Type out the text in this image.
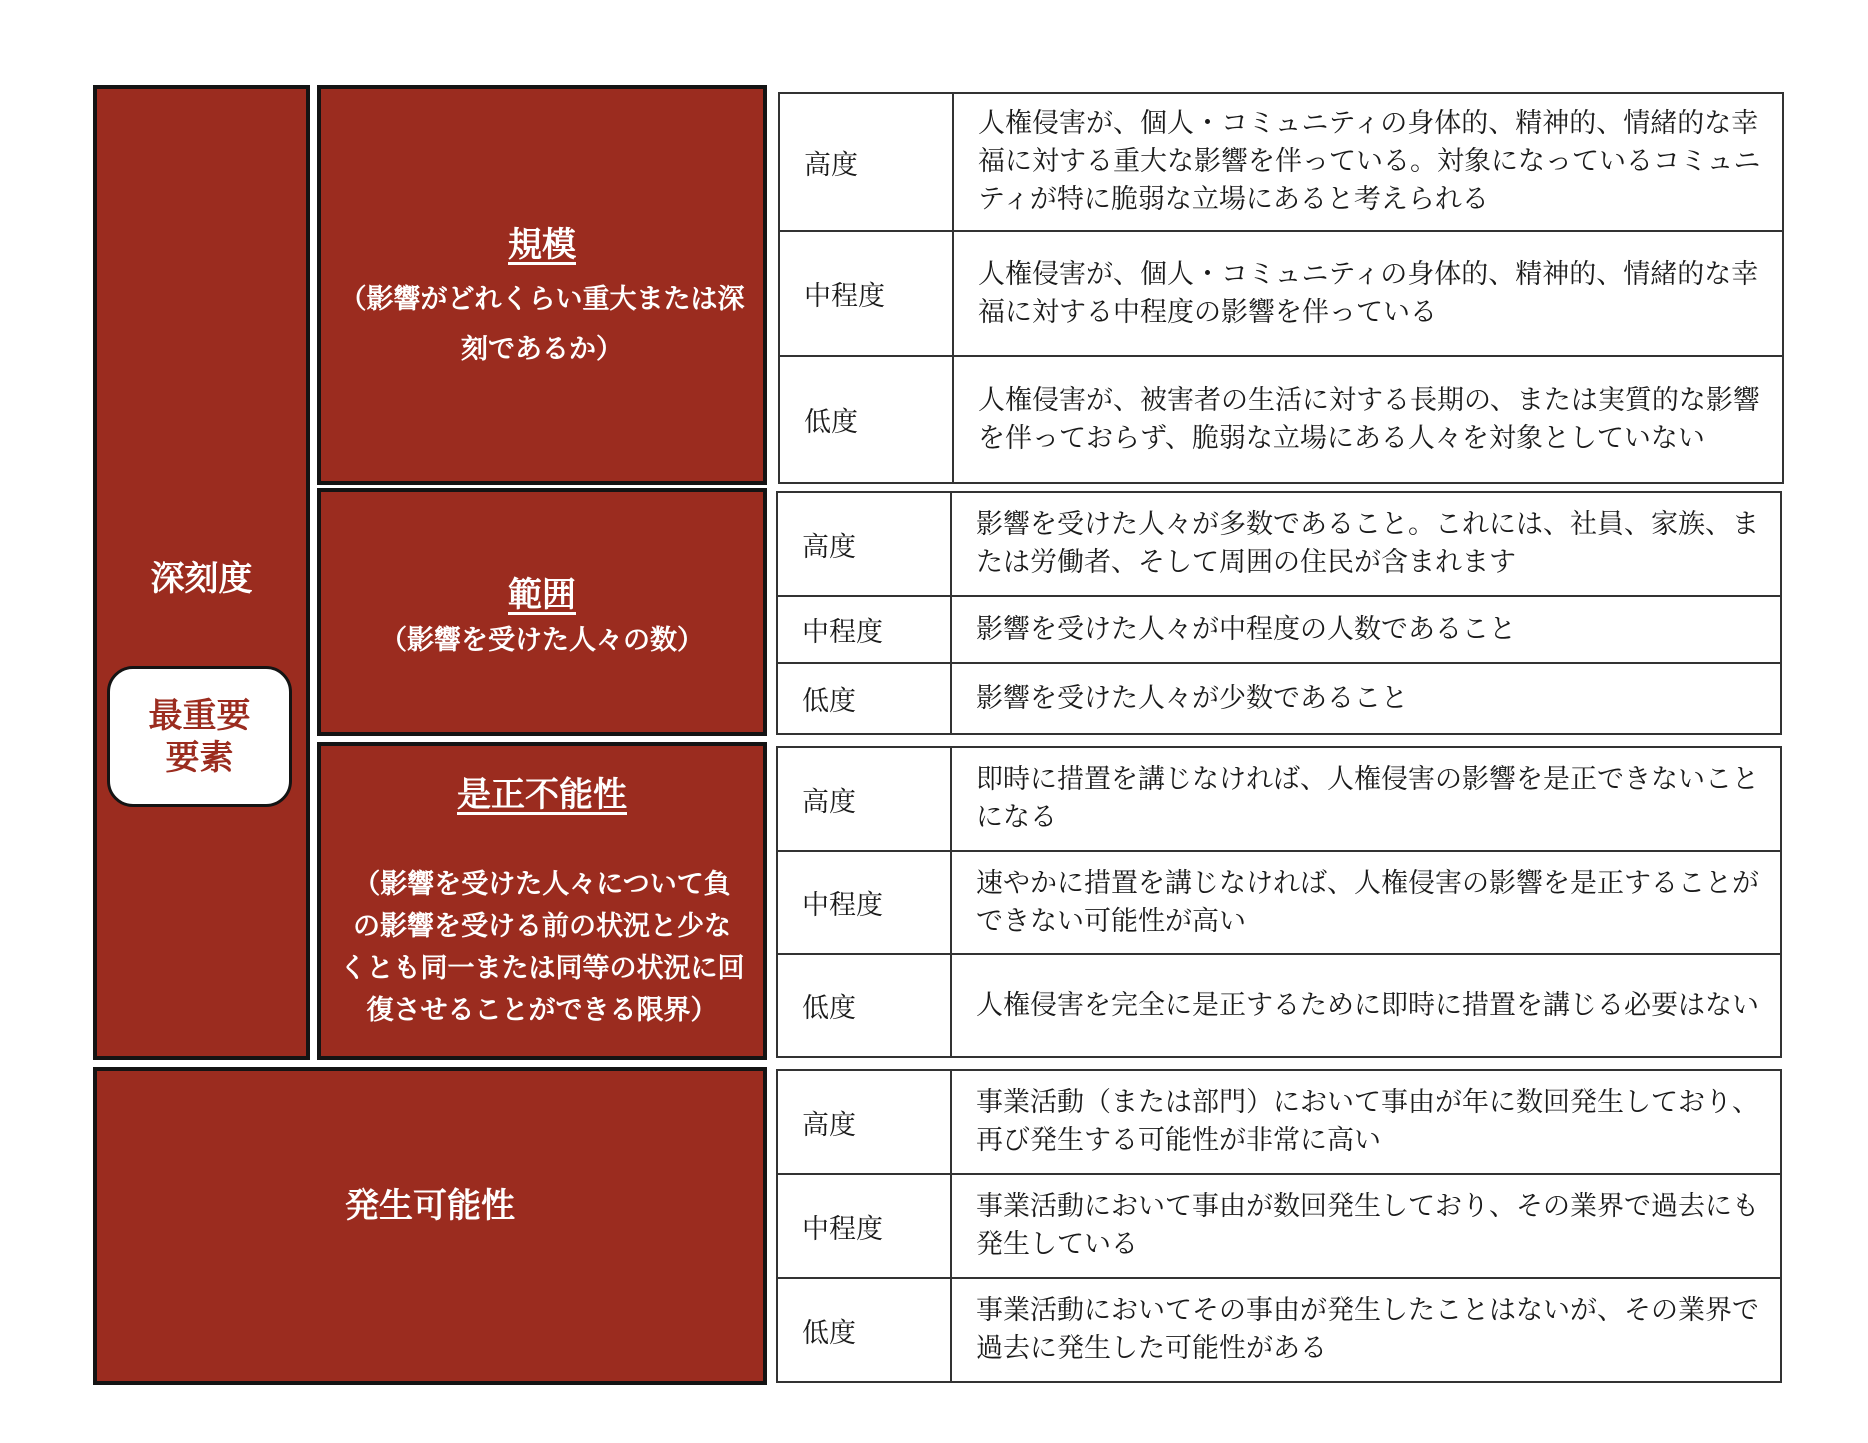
深刻度
最重要
要素
規模
（影響がどれくらい重大または深
刻であるか）
高度	人権侵害が、個人・コミュニティの身体的、精神的、情緒的な幸福に対する重大な影響を伴っている。対象になっているコミュニティが特に脆弱な立場にあると考えられる
中程度	人権侵害が、個人・コミュニティの身体的、精神的、情緒的な幸福に対する中程度の影響を伴っている
低度	人権侵害が、被害者の生活に対する長期の、または実質的な影響を伴っておらず、脆弱な立場にある人々を対象としていない
範囲
（影響を受けた人々の数）
高度	影響を受けた人々が多数であること。これには、社員、家族、または労働者、そして周囲の住民が含まれます
中程度	影響を受けた人々が中程度の人数であること
低度	影響を受けた人々が少数であること
是正不能性
（影響を受けた人々について負
の影響を受ける前の状況と少な
くとも同一または同等の状況に回
復させることができる限界）
高度	即時に措置を講じなければ、人権侵害の影響を是正できないことになる
中程度	速やかに措置を講じなければ、人権侵害の影響を是正することができない可能性が高い
低度	人権侵害を完全に是正するために即時に措置を講じる必要はない
発生可能性
高度	事業活動（または部門）において事由が年に数回発生しており、再び発生する可能性が非常に高い
中程度	事業活動において事由が数回発生しており、その業界で過去にも発生している
低度	事業活動においてその事由が発生したことはないが、その業界で過去に発生した可能性がある
